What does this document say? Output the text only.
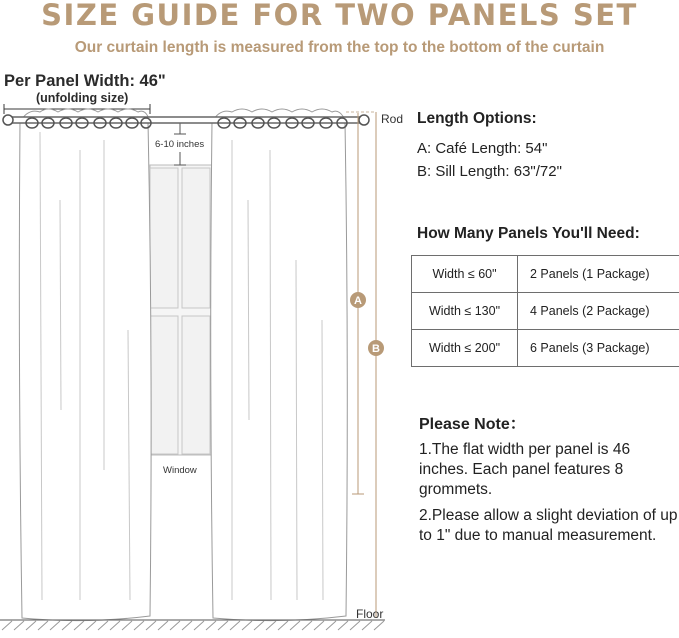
SIZE GUIDE FOR TWO PANELS SET
Our curtain length is measured from the top to the bottom of the curtain
A
B
Per Panel Width: 46"
(unfolding size)
6-10 inches
Window
Rod
Floor
Length Options:
A: Café Length: 54"
B: Sill Length: 63"/72"
How Many Panels You'll Need:
Width ≤ 60"	2 Panels (1 Package)
Width ≤ 130"	4 Panels (2 Package)
Width ≤ 200"	6 Panels (3 Package)
Please Note：
1.The flat width per panel is 46 inches. Each panel features 8 grommets.
2.Please allow a slight deviation of up to 1" due to manual measurement.
